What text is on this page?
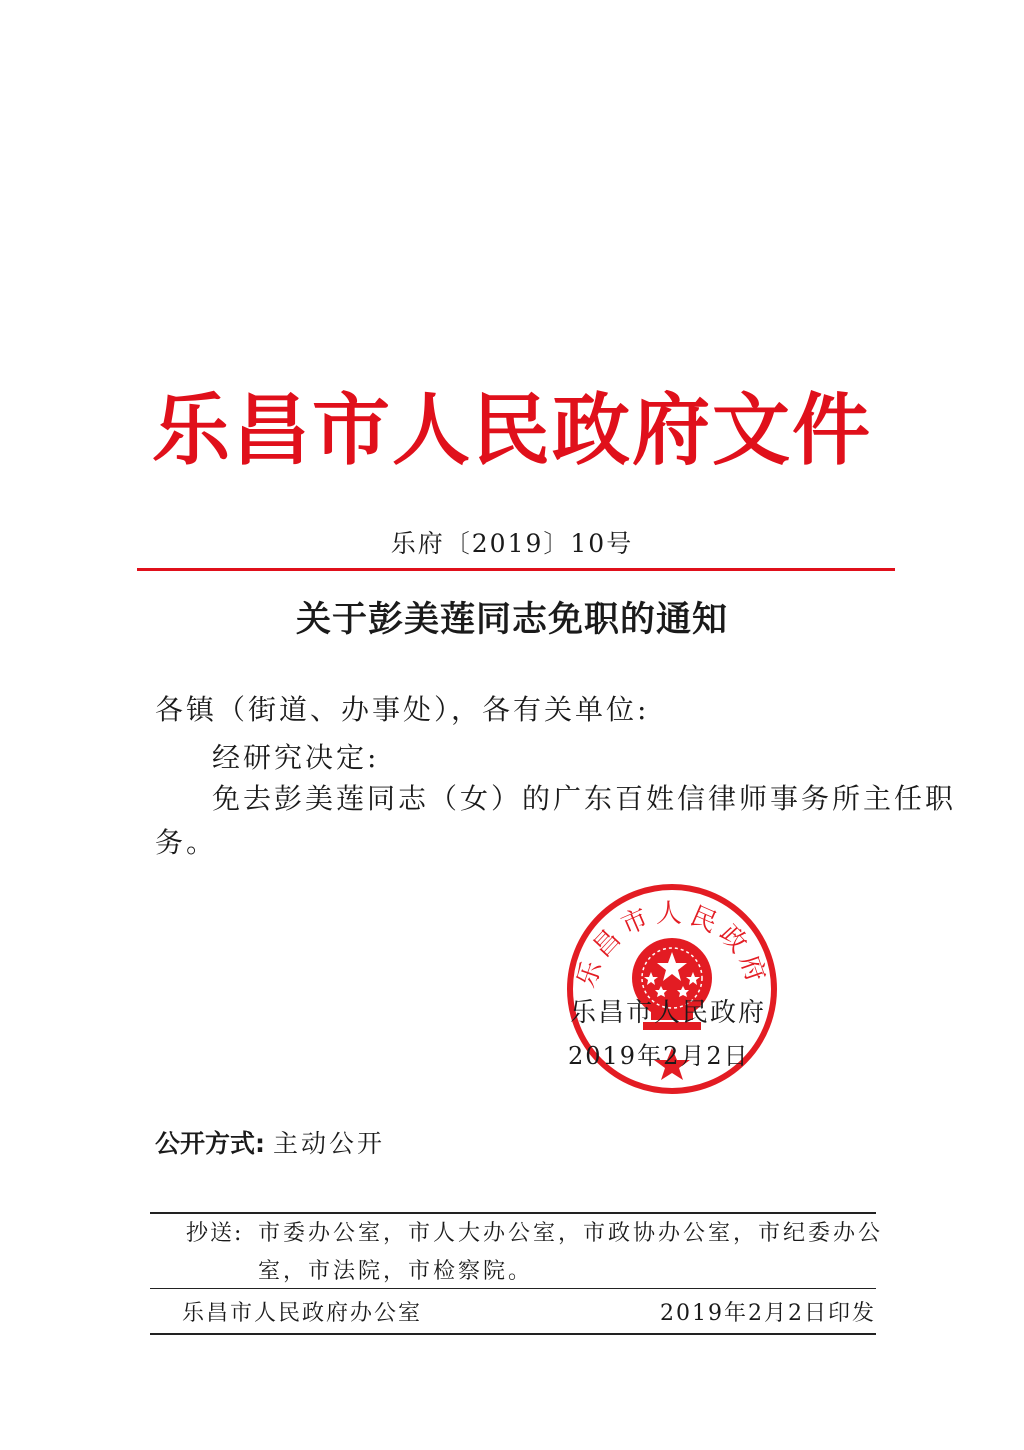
乐昌市人民政府文件
乐府〔2019〕10号
关于彭美莲同志免职的通知
各镇（街道、办事处），各有关单位:
经研究决定:
免去彭美莲同志（女）的广东百姓信律师事务所主任职
务。
乐昌市人民政府
乐昌市人民政府
2019年2月2日
公开方式: 主动公开
抄送: 市委办公室，市人大办公室，市政协办公室，市纪委办公
室，市法院，市检察院。
乐昌市人民政府办公室	2019年2月2日印发
